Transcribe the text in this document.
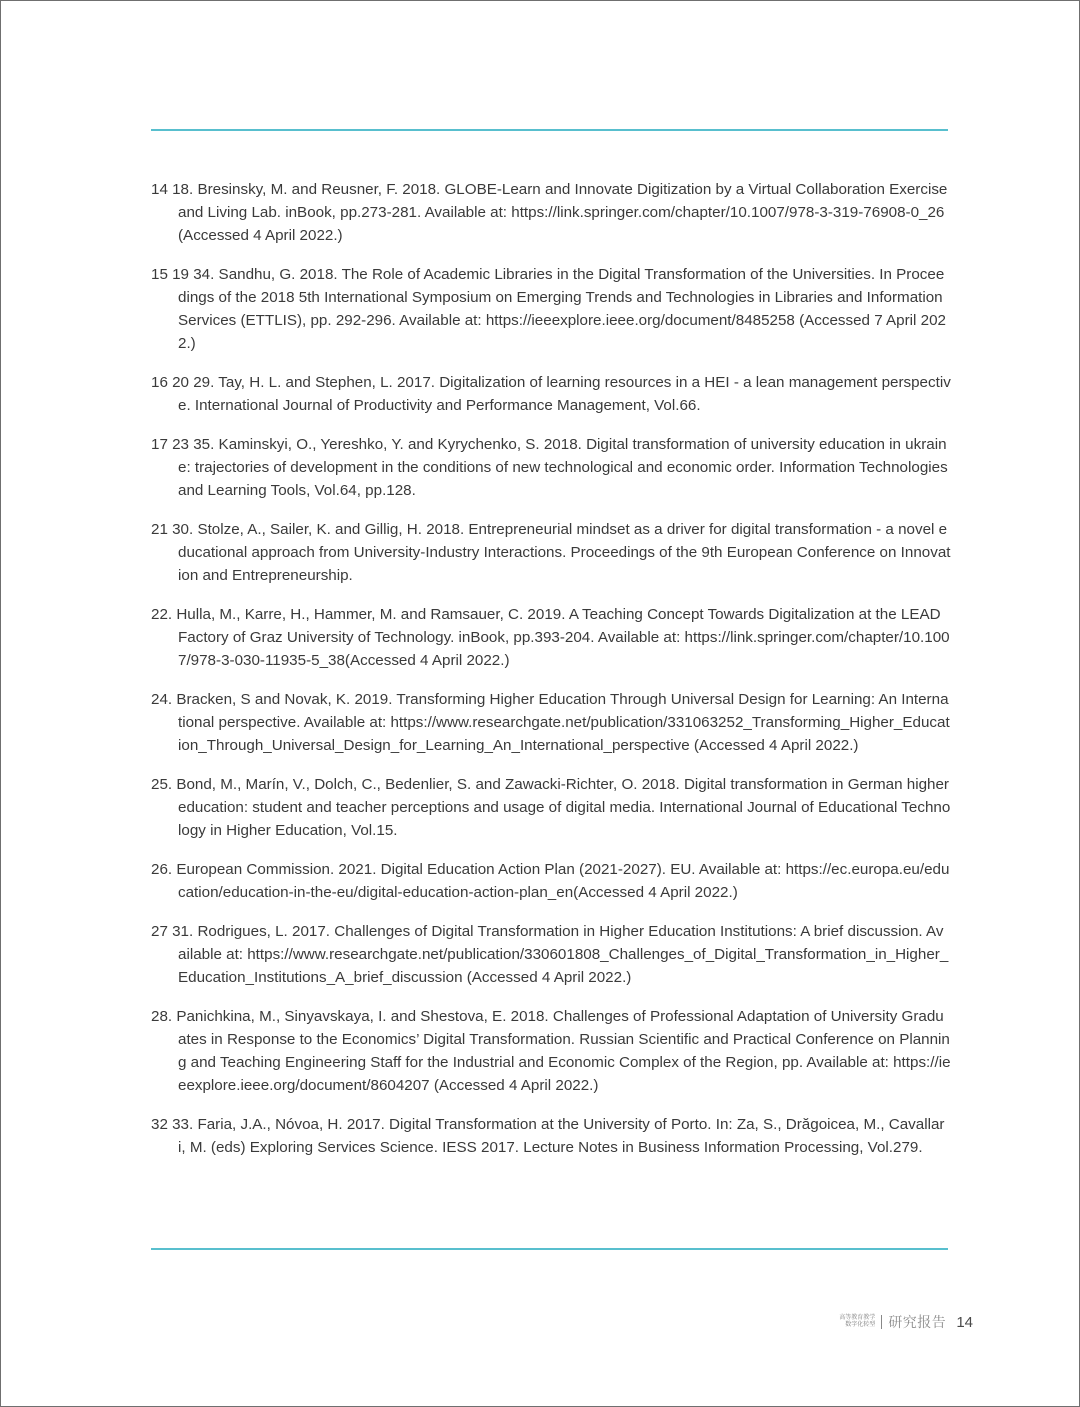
14 18. Bresinsky, M. and Reusner, F. 2018. GLOBE-Learn and Innovate Digitization by a Virtual Collaboration Exercise and Living Lab. inBook, pp.273-281. Available at: https://link.springer.com/chapter/10.1007/978-3-319-76908-0_26(Accessed 4 April 2022.)
15 19 34. Sandhu, G. 2018. The Role of Academic Libraries in the Digital Transformation of the Universities. In Proceedings of the 2018 5th International Symposium on Emerging Trends and Technologies in Libraries and Information Services (ETTLIS), pp. 292-296. Available at: https://ieeexplore.ieee.org/document/8485258 (Accessed 7 April 2022.)
16 20 29. Tay, H. L. and Stephen, L. 2017. Digitalization of learning resources in a HEI - a lean management perspective. International Journal of Productivity and Performance Management, Vol.66.
17 23 35. Kaminskyi, O., Yereshko, Y. and Kyrychenko, S. 2018. Digital transformation of university education in ukraine: trajectories of development in the conditions of new technological and economic order. Information Technologies and Learning Tools, Vol.64, pp.128.
21 30. Stolze, A., Sailer, K. and Gillig, H. 2018. Entrepreneurial mindset as a driver for digital transformation - a novel educational approach from University-Industry Interactions. Proceedings of the 9th European Conference on Innovation and Entrepreneurship.
22. Hulla, M., Karre, H., Hammer, M. and Ramsauer, C. 2019. A Teaching Concept Towards Digitalization at the LEAD Factory of Graz University of Technology. inBook, pp.393-204. Available at: https://link.springer.com/chapter/10.1007/978-3-030-11935-5_38(Accessed 4 April 2022.)
24. Bracken, S and Novak, K. 2019. Transforming Higher Education Through Universal Design for Learning: An International perspective. Available at: https://www.researchgate.net/publication/331063252_Transforming_Higher_Education_Through_Universal_Design_for_Learning_An_International_perspective (Accessed 4 April 2022.)
25. Bond, M., Marín, V., Dolch, C., Bedenlier, S. and Zawacki-Richter, O. 2018. Digital transformation in German higher education: student and teacher perceptions and usage of digital media. International Journal of Educational Technology in Higher Education, Vol.15.
26. European Commission. 2021. Digital Education Action Plan (2021-2027). EU. Available at: https://ec.europa.eu/education/education-in-the-eu/digital-education-action-plan_en(Accessed 4 April 2022.)
27 31. Rodrigues, L. 2017. Challenges of Digital Transformation in Higher Education Institutions: A brief discussion. Available at: https://www.researchgate.net/publication/330601808_Challenges_of_Digital_Transformation_in_Higher_Education_Institutions_A_brief_discussion (Accessed 4 April 2022.)
28. Panichkina, M., Sinyavskaya, I. and Shestova, E. 2018. Challenges of Professional Adaptation of University Graduates in Response to the Economics’ Digital Transformation. Russian Scientific and Practical Conference on Planning and Teaching Engineering Staff for the Industrial and Economic Complex of the Region, pp. Available at: https://ieeexplore.ieee.org/document/8604207 (Accessed 4 April 2022.)
32 33. Faria, J.A., Nóvoa, H. 2017. Digital Transformation at the University of Porto. In: Za, S., Drăgoicea, M., Cavallari, M. (eds) Exploring Services Science. IESS 2017. Lecture Notes in Business Information Processing, Vol.279.
高等教育教学
数字化转型 研究报告 14
